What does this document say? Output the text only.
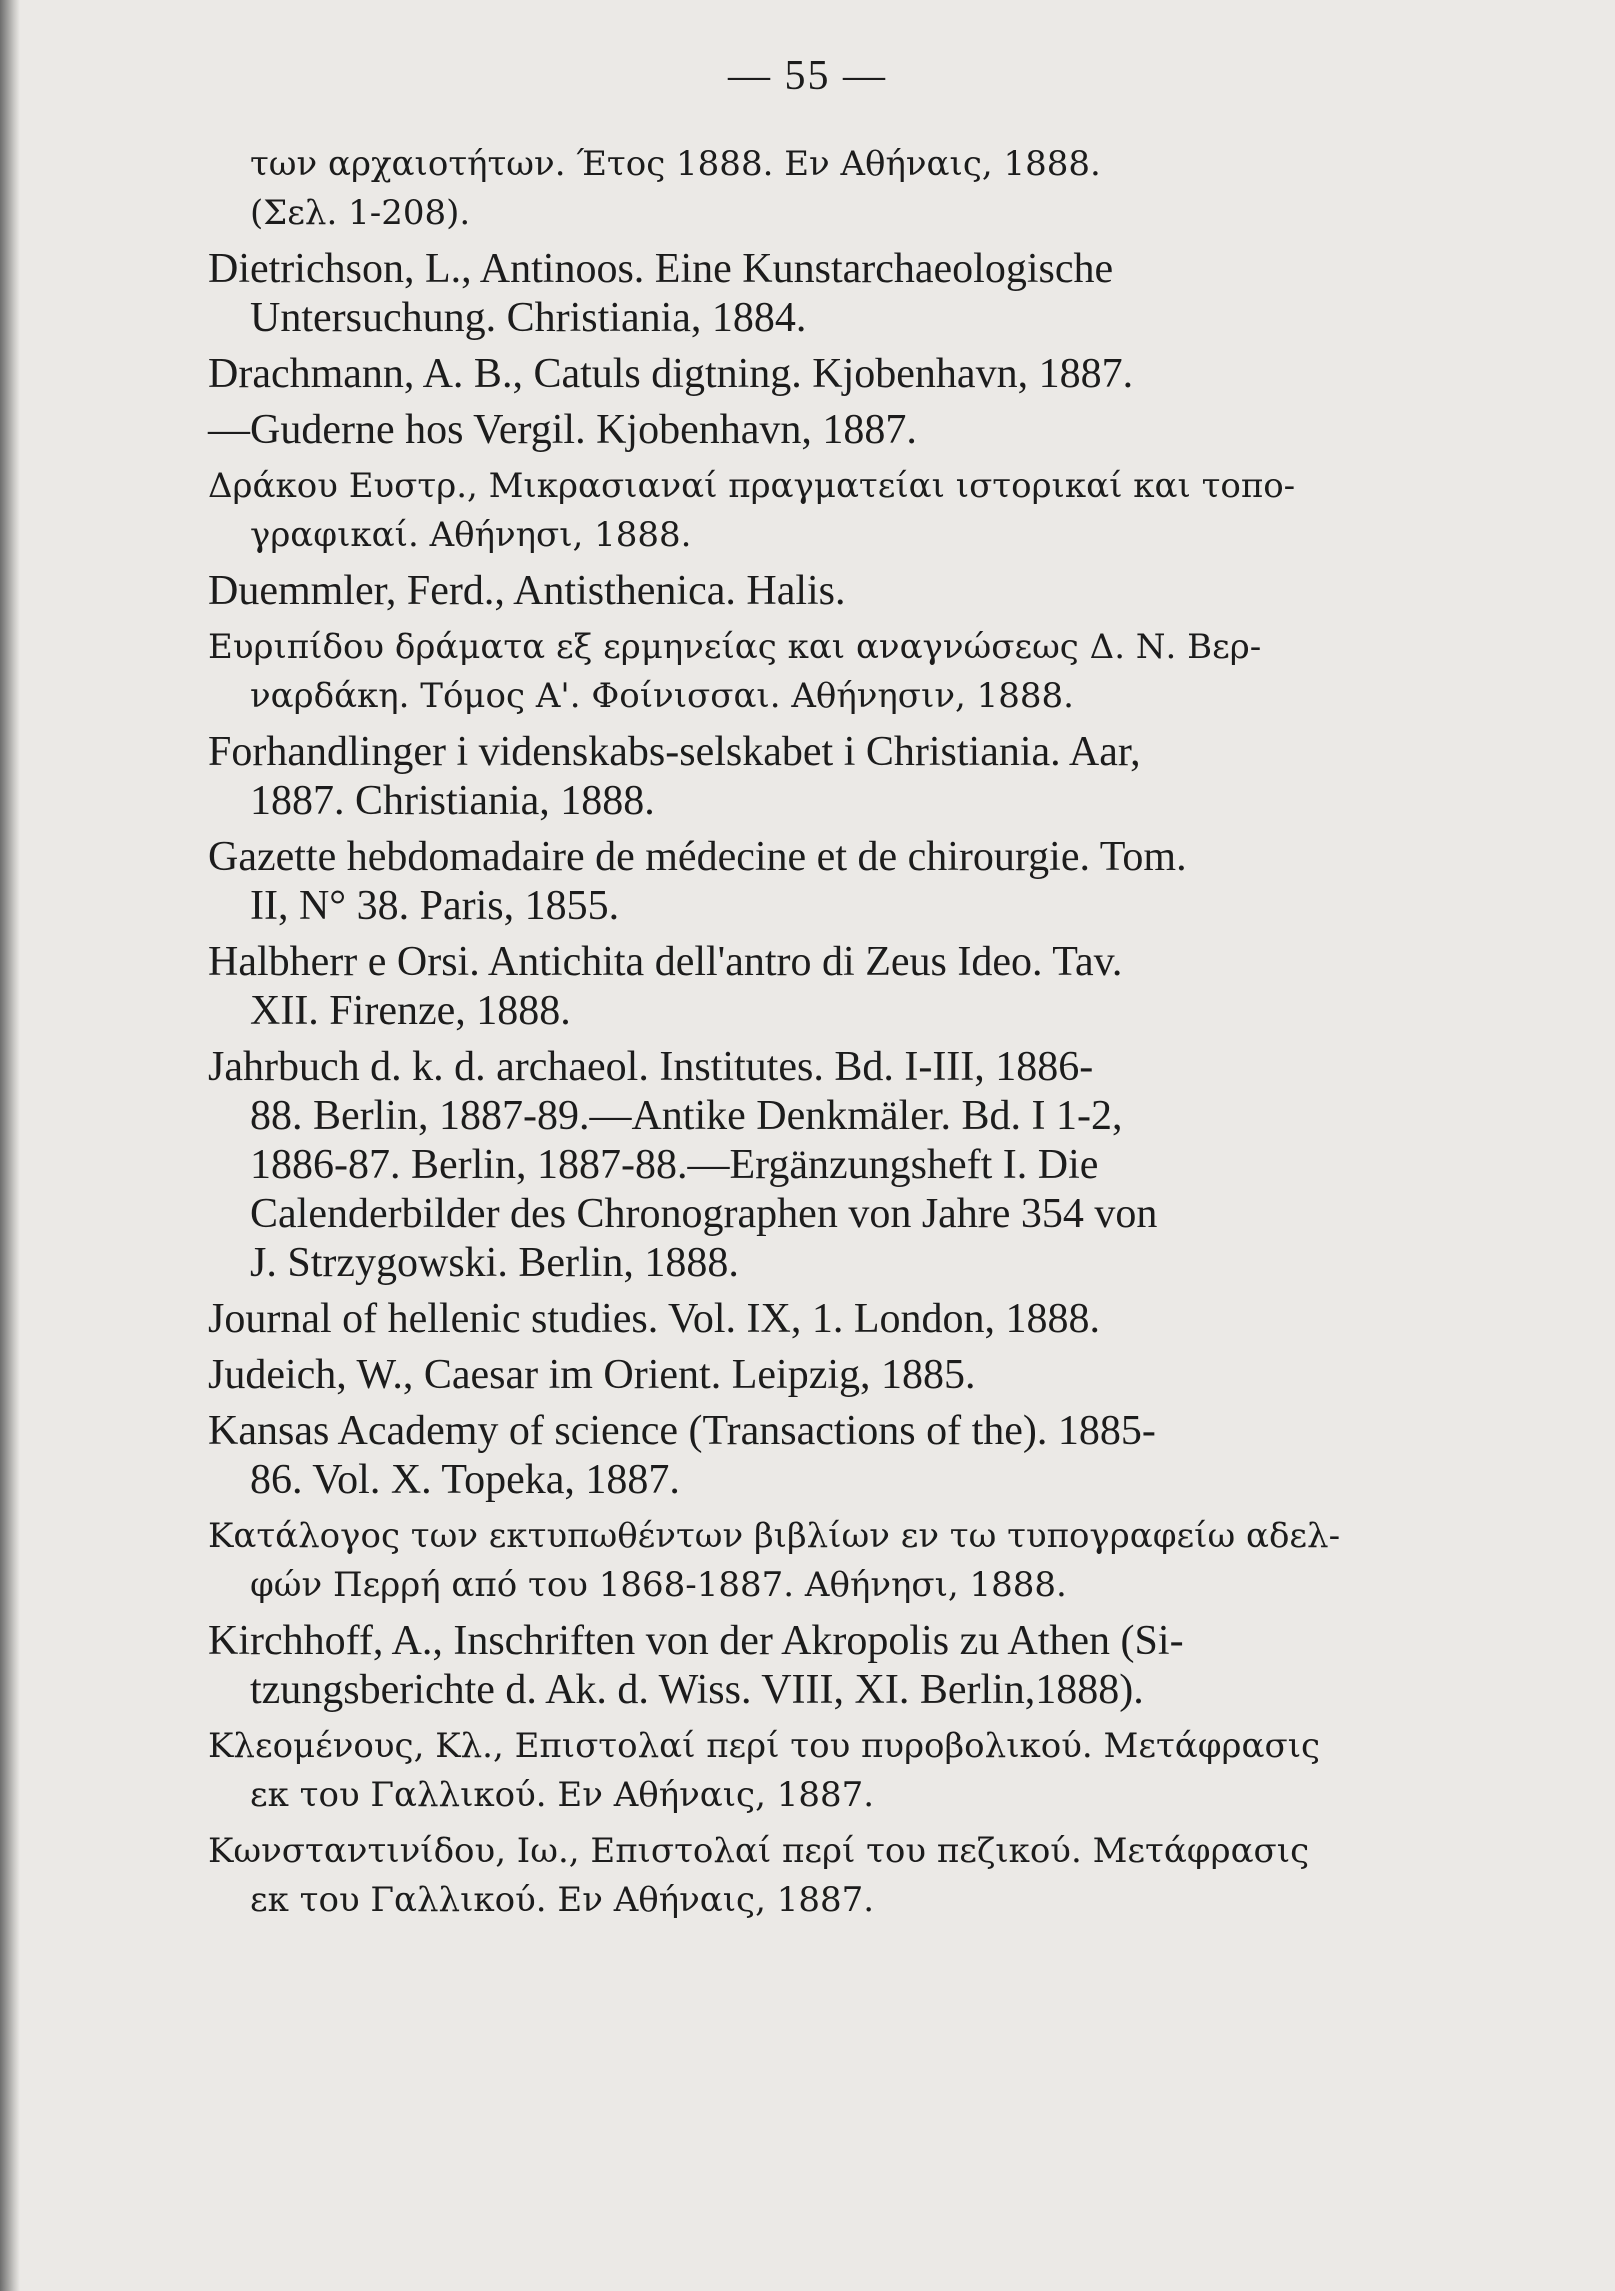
— 55 —
των αρχαιοτήτων. Έτος 1888. Εν Αθήναις, 1888.
(Σελ. 1-208).
Dietrichson, L., Antinoos. Eine Kunstarchaeologische
Untersuchung. Christiania, 1884.
Drachmann, A. B., Catuls digtning. Kjobenhavn, 1887.
—Guderne hos Vergil. Kjobenhavn, 1887.
Δράκου Ευστρ., Μικρασιαναί πραγματείαι ιστορικαί και τοπο-
γραφικαί. Αθήνησι, 1888.
Duemmler, Ferd., Antisthenica. Halis.
Ευριπίδου δράματα εξ ερμηνείας και αναγνώσεως Δ. Ν. Βερ-
ναρδάκη. Τόμος Α'. Φοίνισσαι. Αθήνησιν, 1888.
Forhandlinger i videnskabs-selskabet i Christiania. Aar,
1887. Christiania, 1888.
Gazette hebdomadaire de médecine et de chirourgie. Tom.
II, N° 38. Paris, 1855.
Halbherr e Orsi. Antichita dell'antro di Zeus Ideo. Tav.
XII. Firenze, 1888.
Jahrbuch d. k. d. archaeol. Institutes. Bd. I-III, 1886-
88. Berlin, 1887-89.—Antike Denkmäler. Bd. I 1-2,
1886-87. Berlin, 1887-88.—Ergänzungsheft I. Die
Calenderbilder des Chronographen von Jahre 354 von
J. Strzygowski. Berlin, 1888.
Journal of hellenic studies. Vol. IX, 1. London, 1888.
Judeich, W., Caesar im Orient. Leipzig, 1885.
Kansas Academy of science (Transactions of the). 1885-
86. Vol. X. Topeka, 1887.
Κατάλογος των εκτυπωθέντων βιβλίων εν τω τυπογραφείω αδελ-
φών Περρή από του 1868-1887. Αθήνησι, 1888.
Kirchhoff, A., Inschriften von der Akropolis zu Athen (Si-
tzungsberichte d. Ak. d. Wiss. VIII, XI. Berlin,1888).
Κλεομένους, Κλ., Επιστολαί περί του πυροβολικού. Μετάφρασις
εκ του Γαλλικού. Εν Αθήναις, 1887.
Κωνσταντινίδου, Ιω., Επιστολαί περί του πεζικού. Μετάφρασις
εκ του Γαλλικού. Εν Αθήναις, 1887.
